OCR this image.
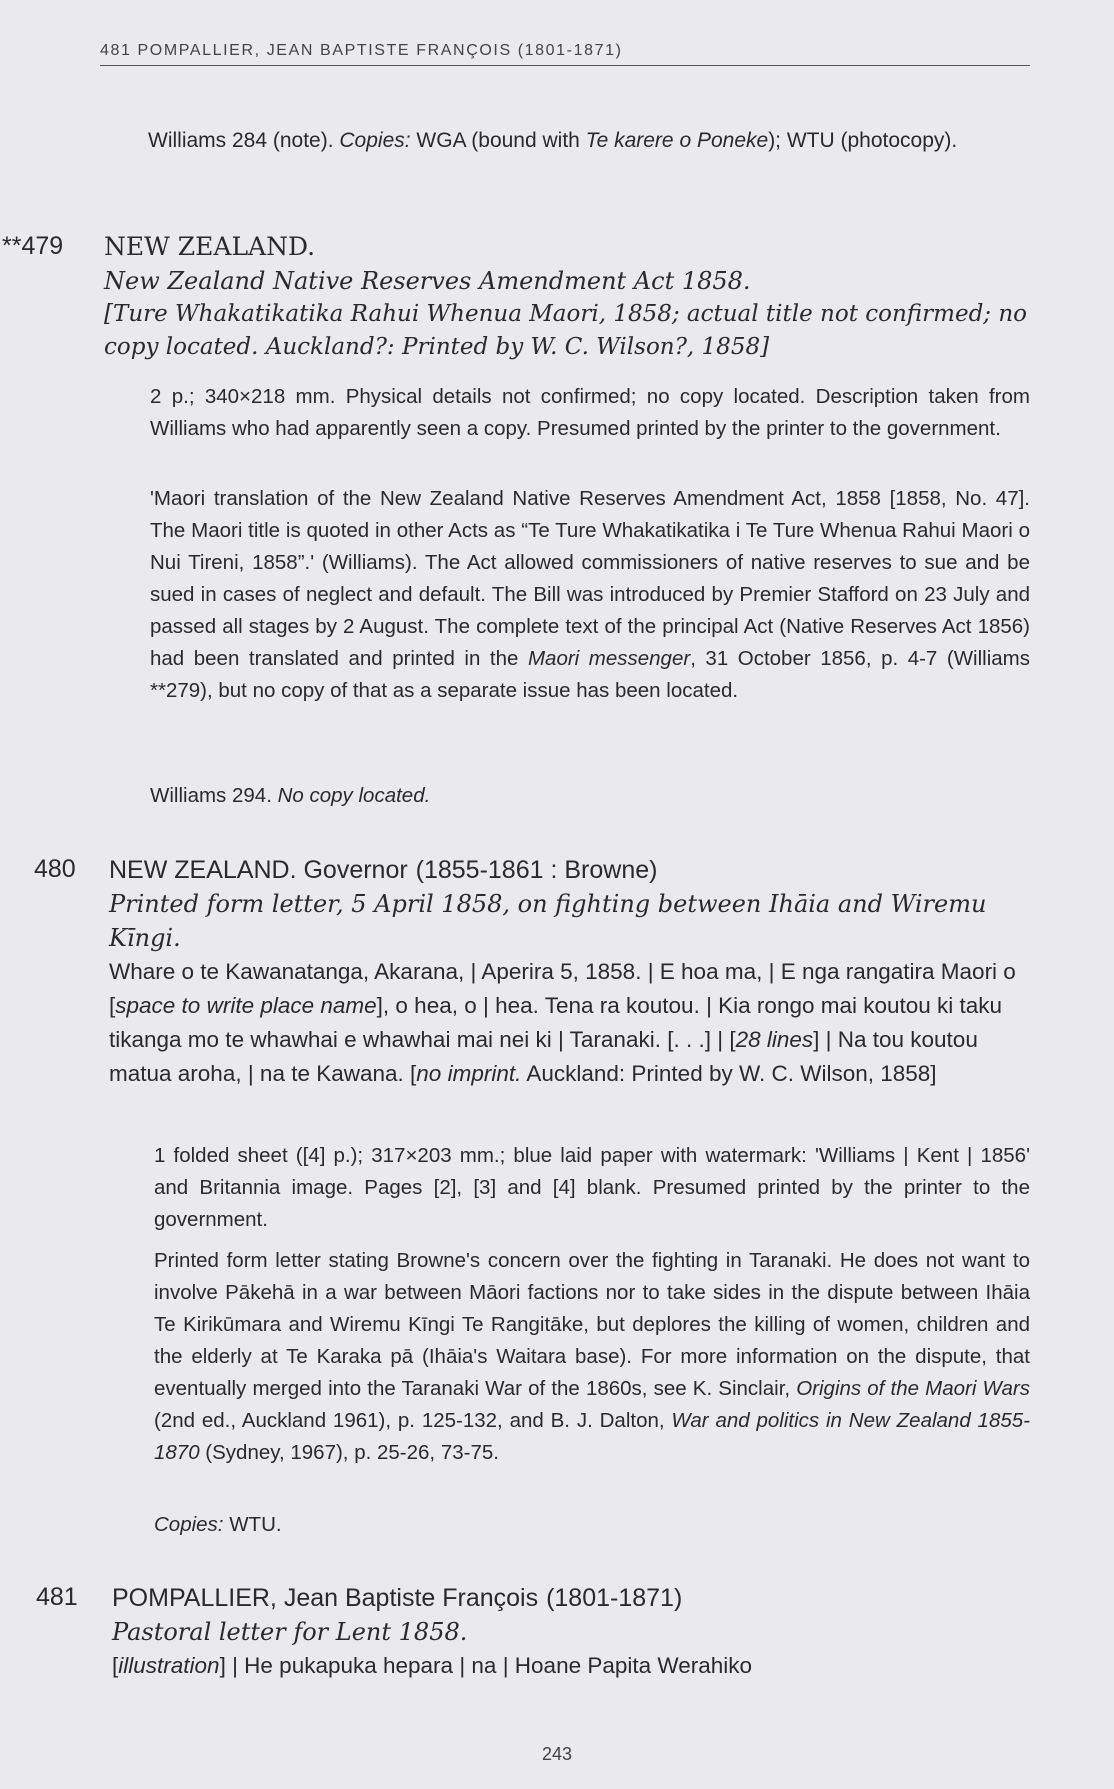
481 POMPALLIER, JEAN BAPTISTE FRANÇOIS (1801-1871)
Williams 284 (note). Copies: WGA (bound with Te karere o Poneke); WTU (photocopy).
**479 NEW ZEALAND.
New Zealand Native Reserves Amendment Act 1858.
[Ture Whakatikatika Rahui Whenua Maori, 1858; actual title not confirmed; no copy located. Auckland?: Printed by W. C. Wilson?, 1858]
2 p.; 340×218 mm. Physical details not confirmed; no copy located. Description taken from Williams who had apparently seen a copy. Presumed printed by the printer to the government.
'Maori translation of the New Zealand Native Reserves Amendment Act, 1858 [1858, No. 47]. The Maori title is quoted in other Acts as “Te Ture Whakatikatika i Te Ture Whenua Rahui Maori o Nui Tireni, 1858”.' (Williams). The Act allowed commissioners of native reserves to sue and be sued in cases of neglect and default. The Bill was introduced by Premier Stafford on 23 July and passed all stages by 2 August. The complete text of the principal Act (Native Reserves Act 1856) had been translated and printed in the Maori messenger, 31 October 1856, p. 4-7 (Williams **279), but no copy of that as a separate issue has been located.
Williams 294. No copy located.
480 NEW ZEALAND. Governor (1855-1861 : Browne)
Printed form letter, 5 April 1858, on fighting between Ihāia and Wiremu Kīngi.
Whare o te Kawanatanga, Akarana, | Aperira 5, 1858. | E hoa ma, | E nga rangatira Maori o [space to write place name], o hea, o | hea. Tena ra koutou. | Kia rongo mai koutou ki taku tikanga mo te whawhai e whawhai mai nei ki | Taranaki. [. . .] | [28 lines] | Na tou koutou matua aroha, | na te Kawana. [no imprint. Auckland: Printed by W. C. Wilson, 1858]
1 folded sheet ([4] p.); 317×203 mm.; blue laid paper with watermark: 'Williams | Kent | 1856' and Britannia image. Pages [2], [3] and [4] blank. Presumed printed by the printer to the government.
Printed form letter stating Browne's concern over the fighting in Taranaki. He does not want to involve Pākehā in a war between Māori factions nor to take sides in the dispute between Ihāia Te Kirikūmara and Wiremu Kīngi Te Rangitāke, but deplores the killing of women, children and the elderly at Te Karaka pā (Ihāia's Waitara base). For more information on the dispute, that eventually merged into the Taranaki War of the 1860s, see K. Sinclair, Origins of the Maori Wars (2nd ed., Auckland 1961), p. 125-132, and B. J. Dalton, War and politics in New Zealand 1855-1870 (Sydney, 1967), p. 25-26, 73-75.
Copies: WTU.
481 POMPALLIER, Jean Baptiste François (1801-1871)
Pastoral letter for Lent 1858.
[illustration] | He pukapuka hepara | na | Hoane Papita Werahiko
243
